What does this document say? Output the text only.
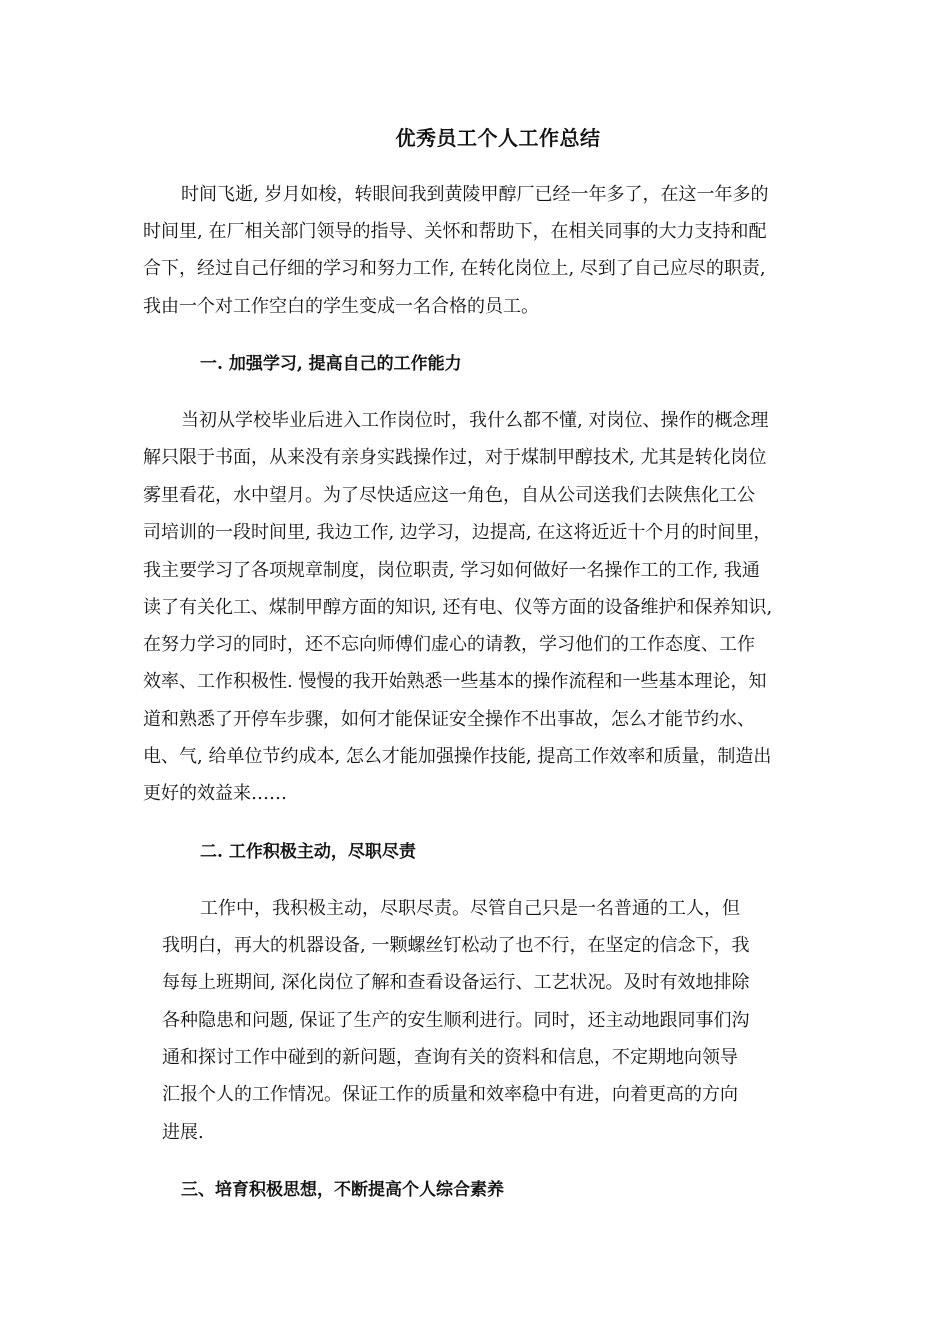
优秀员工个人工作总结
时间飞逝, 岁月如梭，转眼间我到黄陵甲醇厂已经一年多了，在这一年多的
时间里, 在厂相关部门领导的指导、关怀和帮助下，在相关同事的大力支持和配
合下，经过自己仔细的学习和努力工作, 在转化岗位上, 尽到了自己应尽的职责,
我由一个对工作空白的学生变成一名合格的员工。
一. 加强学习, 提高自己的工作能力
当初从学校毕业后进入工作岗位时，我什么都不懂, 对岗位、操作的概念理
解只限于书面，从来没有亲身实践操作过，对于煤制甲醇技术, 尤其是转化岗位
雾里看花，水中望月。为了尽快适应这一角色，自从公司送我们去陕焦化工公
司培训的一段时间里, 我边工作, 边学习，边提高, 在这将近近十个月的时间里，
我主要学习了各项规章制度，岗位职责, 学习如何做好一名操作工的工作, 我通
读了有关化工、煤制甲醇方面的知识, 还有电、仪等方面的设备维护和保养知识,
在努力学习的同时，还不忘向师傅们虚心的请教，学习他们的工作态度、工作
效率、工作积极性. 慢慢的我开始熟悉一些基本的操作流程和一些基本理论，知
道和熟悉了开停车步骤，如何才能保证安全操作不出事故，怎么才能节约水、
电、气, 给单位节约成本, 怎么才能加强操作技能, 提高工作效率和质量，制造出
更好的效益来……
二. 工作积极主动，尽职尽责
工作中，我积极主动，尽职尽责。尽管自己只是一名普通的工人，但
我明白，再大的机器设备, 一颗螺丝钉松动了也不行，在坚定的信念下，我
每每上班期间, 深化岗位了解和查看设备运行、工艺状况。及时有效地排除
各种隐患和问题, 保证了生产的安生顺利进行。同时，还主动地跟同事们沟
通和探讨工作中碰到的新问题，查询有关的资料和信息，不定期地向领导
汇报个人的工作情况。保证工作的质量和效率稳中有进，向着更高的方向
进展.
三、培育积极思想，不断提高个人综合素养
